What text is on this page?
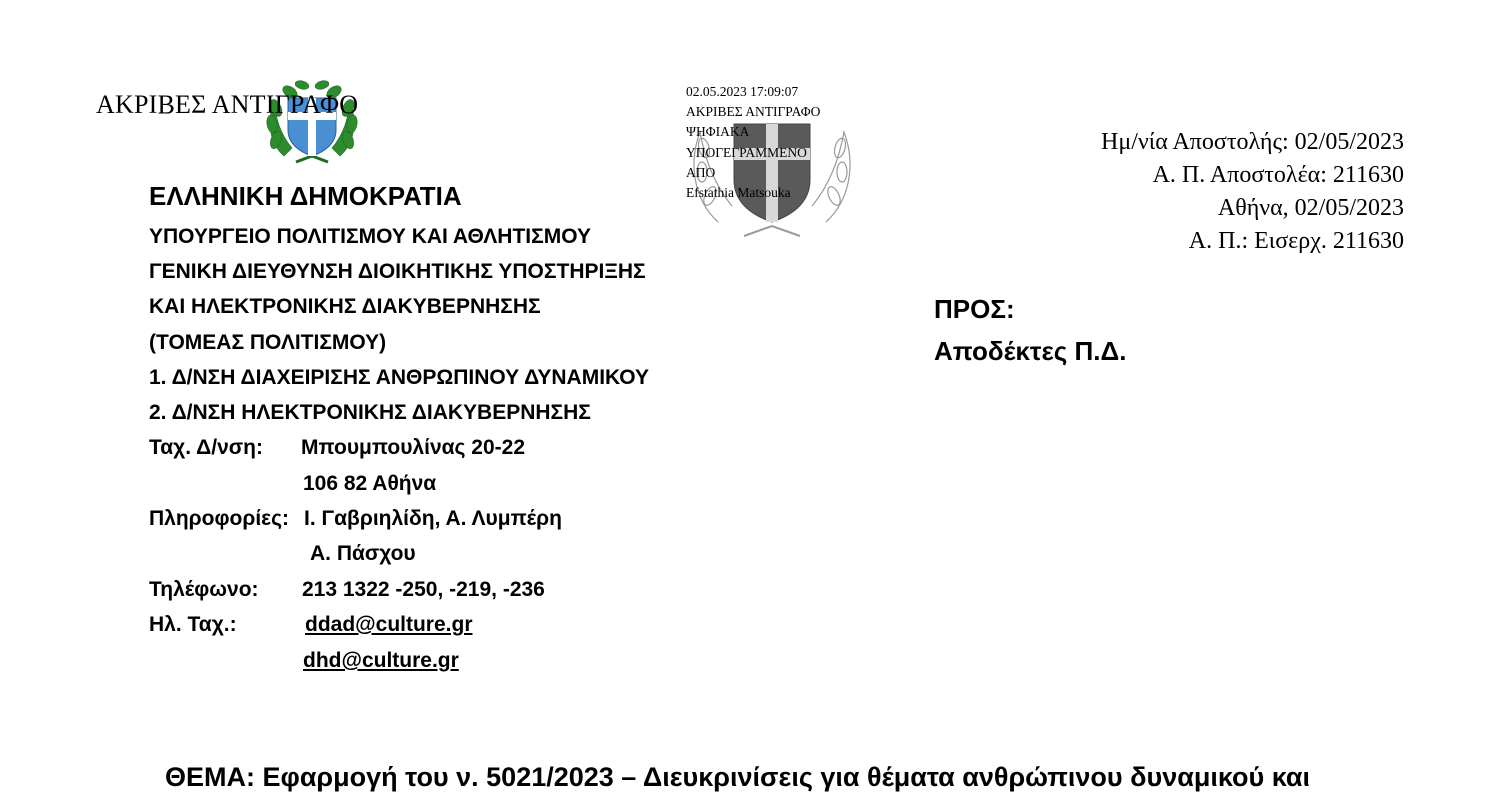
ΑΚΡΙΒΕΣ ΑΝΤΙΓΡΑΦΟ
ΕΛΛΗΝΙΚΗ ΔΗΜΟΚΡΑΤΙΑ
ΥΠΟΥΡΓΕΙΟ ΠΟΛΙΤΙΣΜΟΥ ΚΑΙ ΑΘΛΗΤΙΣΜΟΥ
ΓΕΝΙΚΗ ΔΙΕΥΘΥΝΣΗ ΔΙΟΙΚΗΤΙΚΗΣ ΥΠΟΣΤΗΡΙΞΗΣ
ΚΑΙ ΗΛΕΚΤΡΟΝΙΚΗΣ ΔΙΑΚΥΒΕΡΝΗΣΗΣ
(ΤΟΜΕΑΣ ΠΟΛΙΤΙΣΜΟΥ)
1. Δ/ΝΣΗ ΔΙΑΧΕΙΡΙΣΗΣ ΑΝΘΡΩΠΙΝΟΥ ΔΥΝΑΜΙΚΟΥ
2. Δ/ΝΣΗ ΗΛΕΚΤΡΟΝΙΚΗΣ ΔΙΑΚΥΒΕΡΝΗΣΗΣ
Ταχ. Δ/νση: Μπουμπουλίνας 20-22
106 82 Αθήνα
Πληροφορίες: Ι. Γαβριηλίδη, Α. Λυμπέρη
Α. Πάσχου
Τηλέφωνο: 213 1322 -250, -219, -236
Ηλ. Ταχ.:	ddad@culture.gr
dhd@culture.gr
02.05.2023 17:09:07
ΑΚΡΙΒΕΣ ΑΝΤΙΓΡΑΦΟ
ΨΗΦΙΑΚΑ
ΥΠΟΓΕΓΡΑΜΜΕΝΟ
ΑΠΟ
Efstathia Matsouka
Ημ/νία Αποστολής: 02/05/2023
Α. Π. Αποστολέα: 211630
Αθήνα, 02/05/2023
Α. Π.: Εισερχ. 211630
ΠΡΟΣ:
Αποδέκτες Π.Δ.
ΘΕΜΑ: Εφαρμογή του ν. 5021/2023 – Διευκρινίσεις για θέματα ανθρώπινου δυναμικού και
